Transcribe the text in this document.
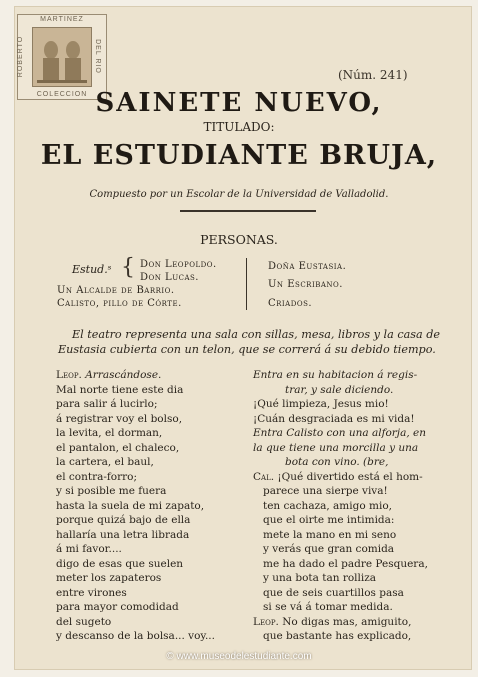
MARTINEZ
ROBERTO	DEL RIO
COLECCION
(Núm. 241)
SAINETE NUEVO,
TITULADO:
EL ESTUDIANTE BRUJA,
Compuesto por un Escolar de la Universidad de Valladolid.
PERSONAS.
Estud.ˢ { Don Leopoldo.
Don Lucas.
Un Alcalde de Barrio.
Calisto, pillo de Córte.
Doña Eustasia.
Un Escribano.
Criados.
El teatro representa una sala con sillas, mesa, libros y la casa de
Eustasia cubierta con un telon, que se correrá á su debido tiempo.
Leop. Arrascándose.
Mal norte tiene este dia
para salir á lucirlo;
á registrar voy el bolso,
la levita, el dorman,
el pantalon, el chaleco,
la cartera, el baul,
el contra-forro;
y si posible me fuera
hasta la suela de mi zapato,
porque quizá bajo de ella
hallaría una letra librada
á mi favor....
digo de esas que suelen
meter los zapateros
entre virones
para mayor comodidad
del sugeto
y descanso de la bolsa... voy...
Entra en su habitacion á regis-
trar, y sale diciendo.
¡Qué limpieza, Jesus mio!
¡Cuán desgraciada es mi vida!
Entra Calisto con una alforja, en
la que tiene una morcilla y una
bota con vino. (bre,
Cal. ¡Qué divertido está el hom-
parece una sierpe viva!
ten cachaza, amigo mio,
que el oirte me intimida:
mete la mano en mi seno
y verás que gran comida
me ha dado el padre Pesquera,
y una bota tan rolliza
que de seis cuartillos pasa
si se vá á tomar medida.
Leop. No digas mas, amiguito,
que bastante has explicado,
© www.museodelestudiante.com
